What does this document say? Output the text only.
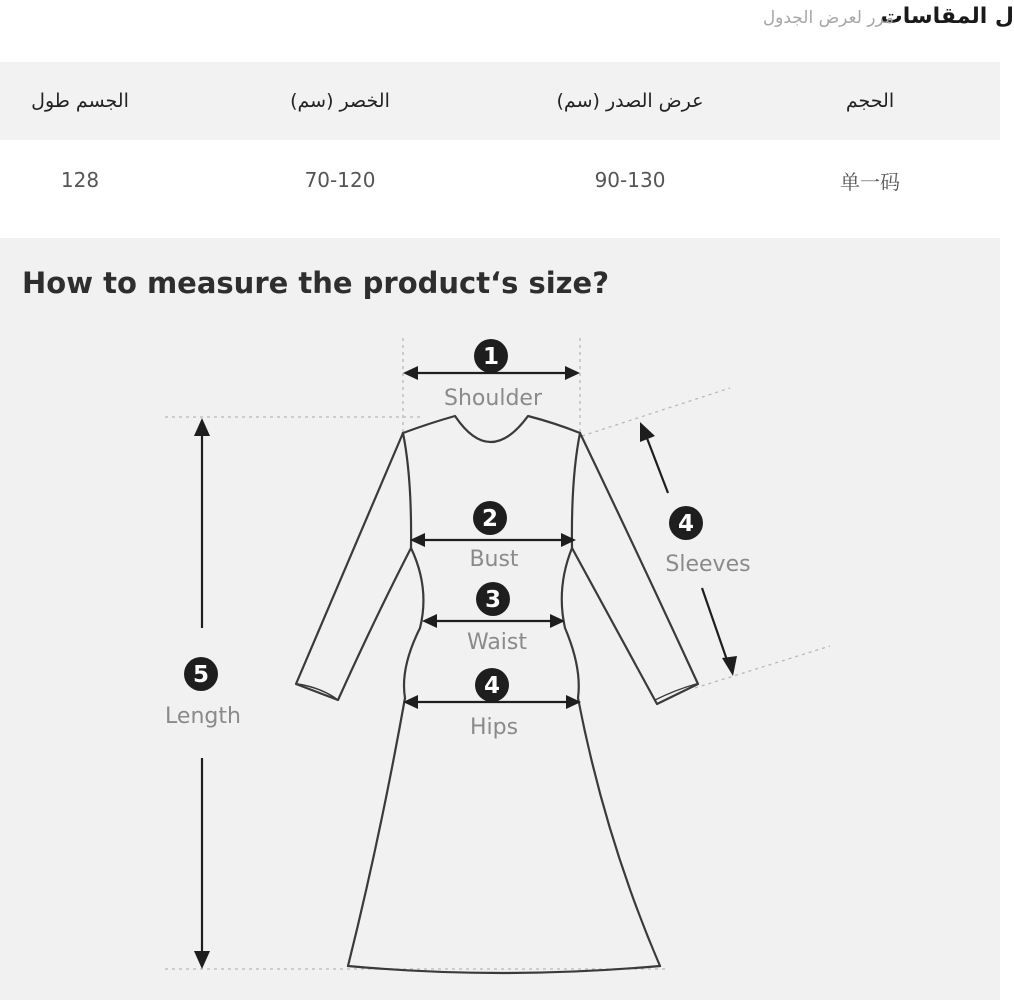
ل المقاسات
مرر لعرض الجدول
الجسم طول	الخصر (سم)	عرض الصدر (سم)	الحجم
128	70-120	90-130	单一码
How to measure the product‘s size?
1
Shoulder
2
Bust
3
Waist
4
Hips
4
Sleeves
5
Length
